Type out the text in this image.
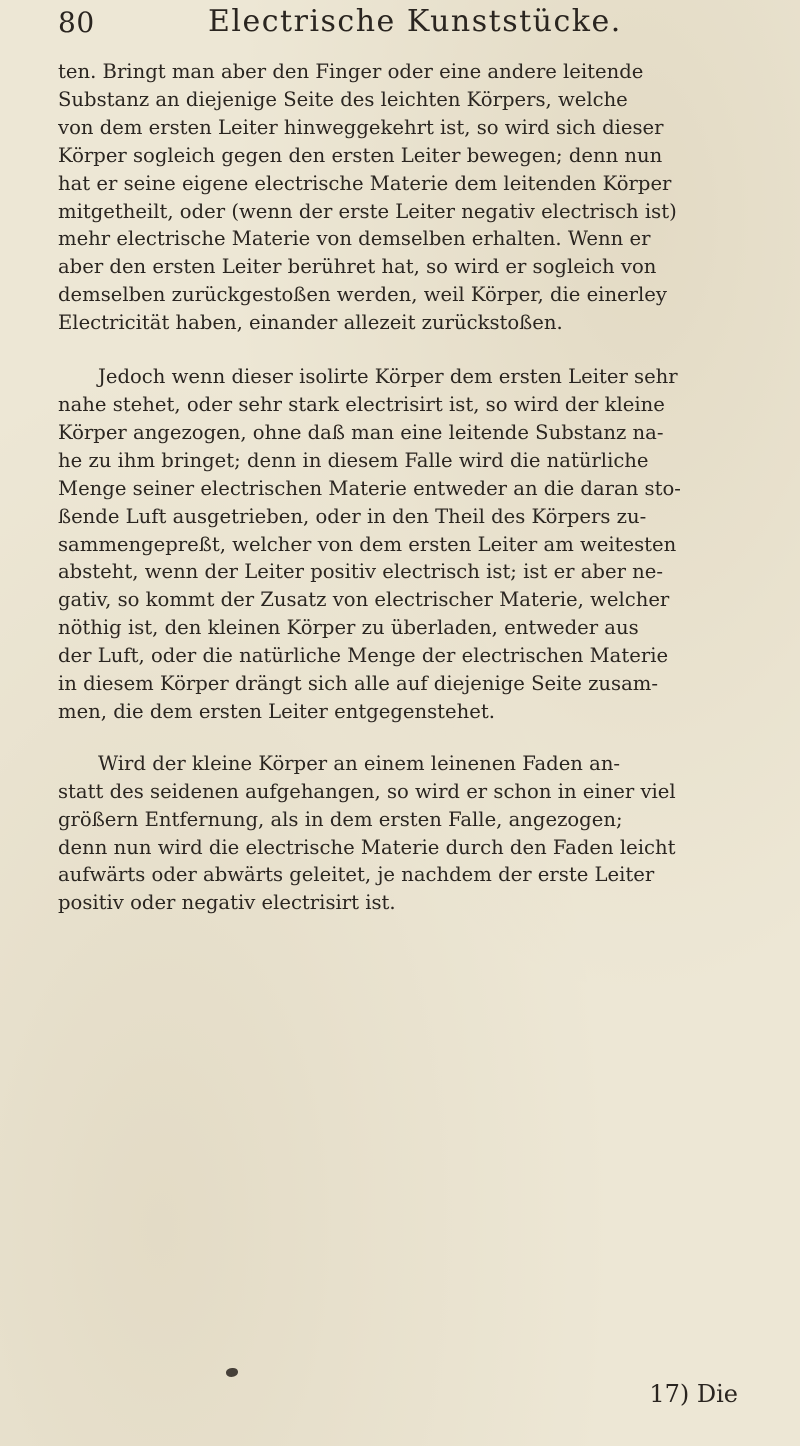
80	Electrische Kunststücke.

ten. Bringt man aber den Finger oder eine andere leitende
Substanz an diejenige Seite des leichten Körpers, welche
von dem ersten Leiter hinweggekehrt ist, so wird sich dieser
Körper sogleich gegen den ersten Leiter bewegen; denn nun
hat er seine eigene electrische Materie dem leitenden Körper
mitgetheilt, oder (wenn der erste Leiter negativ electrisch ist)
mehr electrische Materie von demselben erhalten. Wenn er
aber den ersten Leiter berühret hat, so wird er sogleich von
demselben zurückgestoßen werden, weil Körper, die einerley
Electricität haben, einander allezeit zurückstoßen.

Jedoch wenn dieser isolirte Körper dem ersten Leiter sehr
nahe stehet, oder sehr stark electrisirt ist, so wird der kleine
Körper angezogen, ohne daß man eine leitende Substanz na-
he zu ihm bringet; denn in diesem Falle wird die natürliche
Menge seiner electrischen Materie entweder an die daran sto-
ßende Luft ausgetrieben, oder in den Theil des Körpers zu-
sammengepreßt, welcher von dem ersten Leiter am weitesten
absteht, wenn der Leiter positiv electrisch ist; ist er aber ne-
gativ, so kommt der Zusatz von electrischer Materie, welcher
nöthig ist, den kleinen Körper zu überladen, entweder aus
der Luft, oder die natürliche Menge der electrischen Materie
in diesem Körper drängt sich alle auf diejenige Seite zusam-
men, die dem ersten Leiter entgegenstehet.

Wird der kleine Körper an einem leinenen Faden an-
statt des seidenen aufgehangen, so wird er schon in einer viel
größern Entfernung, als in dem ersten Falle, angezogen;
denn nun wird die electrische Materie durch den Faden leicht
aufwärts oder abwärts geleitet, je nachdem der erste Leiter
positiv oder negativ electrisirt ist.

17) Die
